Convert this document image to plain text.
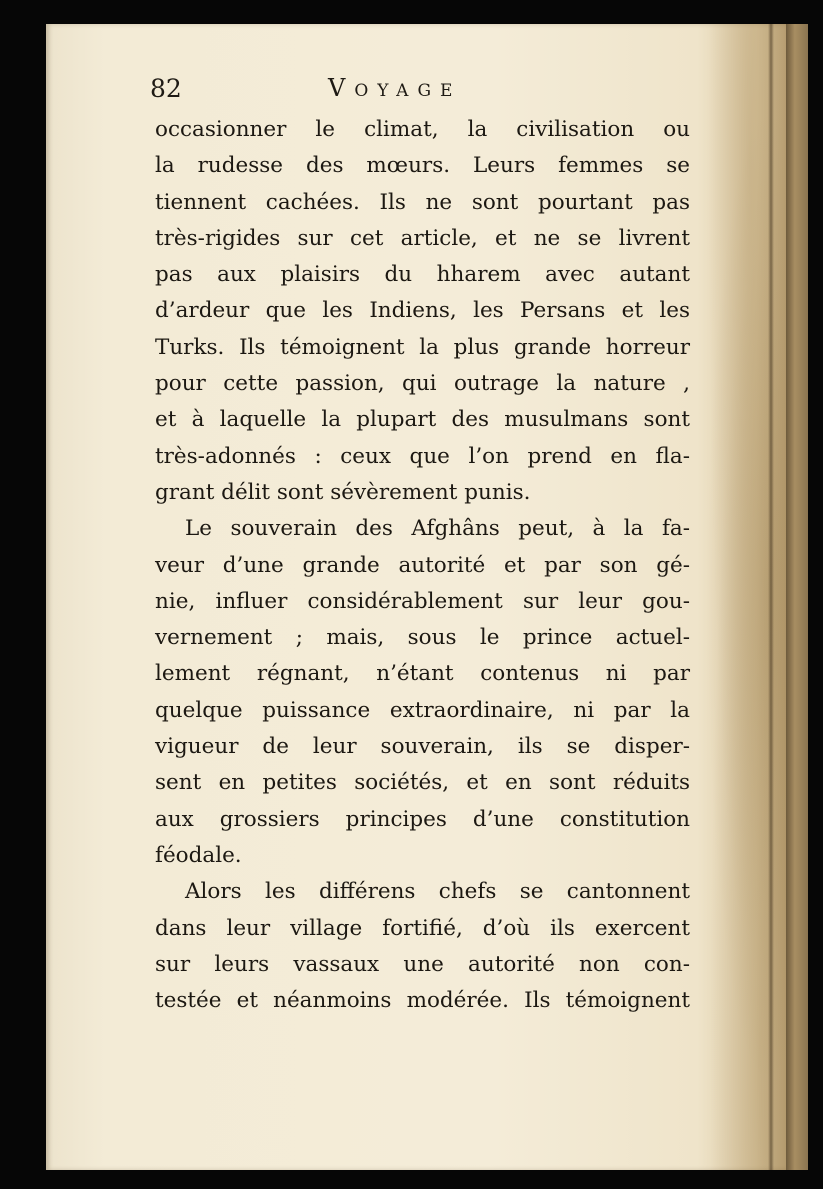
82	Voyage
occasionner le climat, la civilisation ou
la rudesse des mœurs. Leurs femmes se
tiennent cachées. Ils ne sont pourtant pas
très-rigides sur cet article, et ne se livrent
pas aux plaisirs du hharem avec autant
d’ardeur que les Indiens, les Persans et les
Turks. Ils témoignent la plus grande horreur
pour cette passion, qui outrage la nature ,
et à laquelle la plupart des musulmans sont
très-adonnés : ceux que l’on prend en fla-
grant délit sont sévèrement punis.
Le souverain des Afghâns peut, à la fa-
veur d’une grande autorité et par son gé-
nie, influer considérablement sur leur gou-
vernement ; mais, sous le prince actuel-
lement régnant, n’étant contenus ni par
quelque puissance extraordinaire, ni par la
vigueur de leur souverain, ils se disper-
sent en petites sociétés, et en sont réduits
aux grossiers principes d’une constitution
féodale.
Alors les différens chefs se cantonnent
dans leur village fortifié, d’où ils exercent
sur leurs vassaux une autorité non con-
testée et néanmoins modérée. Ils témoignent
